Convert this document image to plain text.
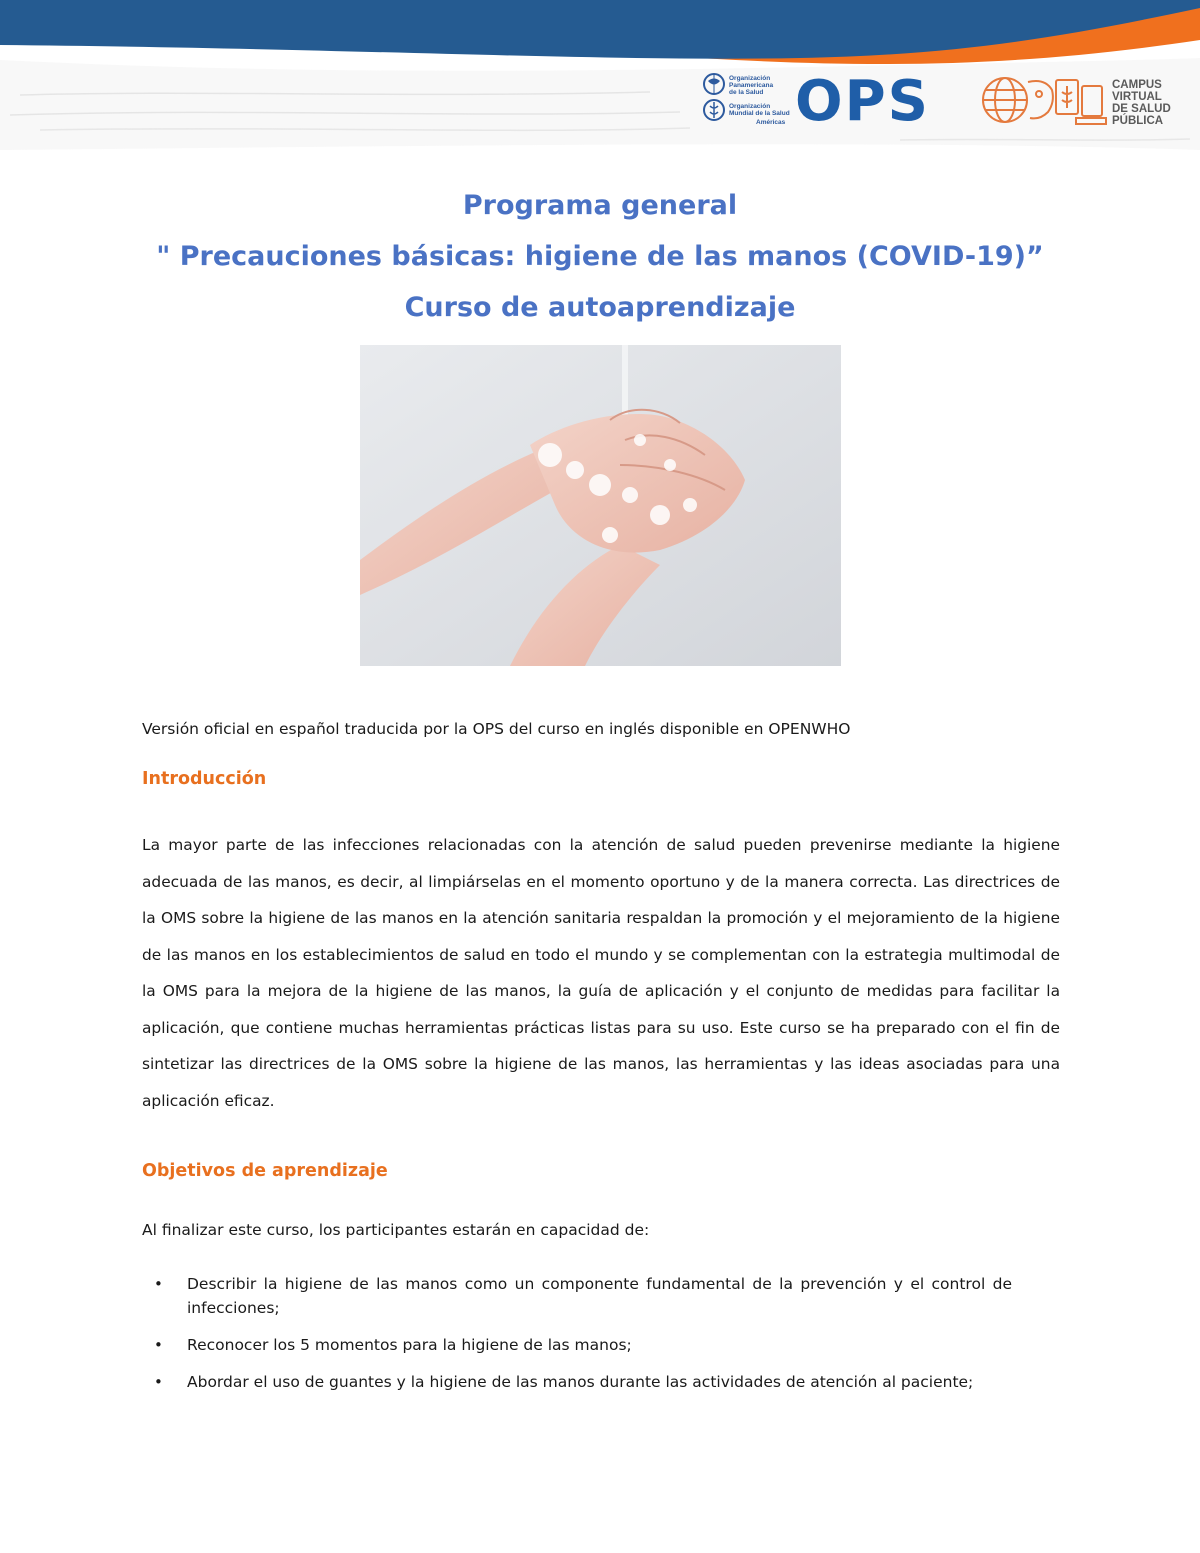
Organización
Panamericana
de la Salud
Organización
Mundial de la Salud
Américas OPS	CAMPUS
VIRTUAL
DE SALUD
PÚBLICA

Programa general

" Precauciones básicas: higiene de las manos (COVID-19)”

Curso de autoaprendizaje

Versión oficial en español traducida por la OPS del curso en inglés disponible en OPENWHO

Introducción

La mayor parte de las infecciones relacionadas con la atención de salud pueden prevenirse mediante la higiene adecuada de las manos, es decir, al limpiárselas en el momento oportuno y de la manera correcta. Las directrices de la OMS sobre la higiene de las manos en la atención sanitaria respaldan la promoción y el mejoramiento de la higiene de las manos en los establecimientos de salud en todo el mundo y se complementan con la estrategia multimodal de la OMS para la mejora de la higiene de las manos, la guía de aplicación y el conjunto de medidas para facilitar la aplicación, que contiene muchas herramientas prácticas listas para su uso. Este curso se ha preparado con el fin de sintetizar las directrices de la OMS sobre la higiene de las manos, las herramientas y las ideas asociadas para una aplicación eficaz.

Objetivos de aprendizaje

Al finalizar este curso, los participantes estarán en capacidad de:

• Describir la higiene de las manos como un componente fundamental de la prevención y el control de infecciones;
• Reconocer los 5 momentos para la higiene de las manos;
• Abordar el uso de guantes y la higiene de las manos durante las actividades de atención al paciente;
